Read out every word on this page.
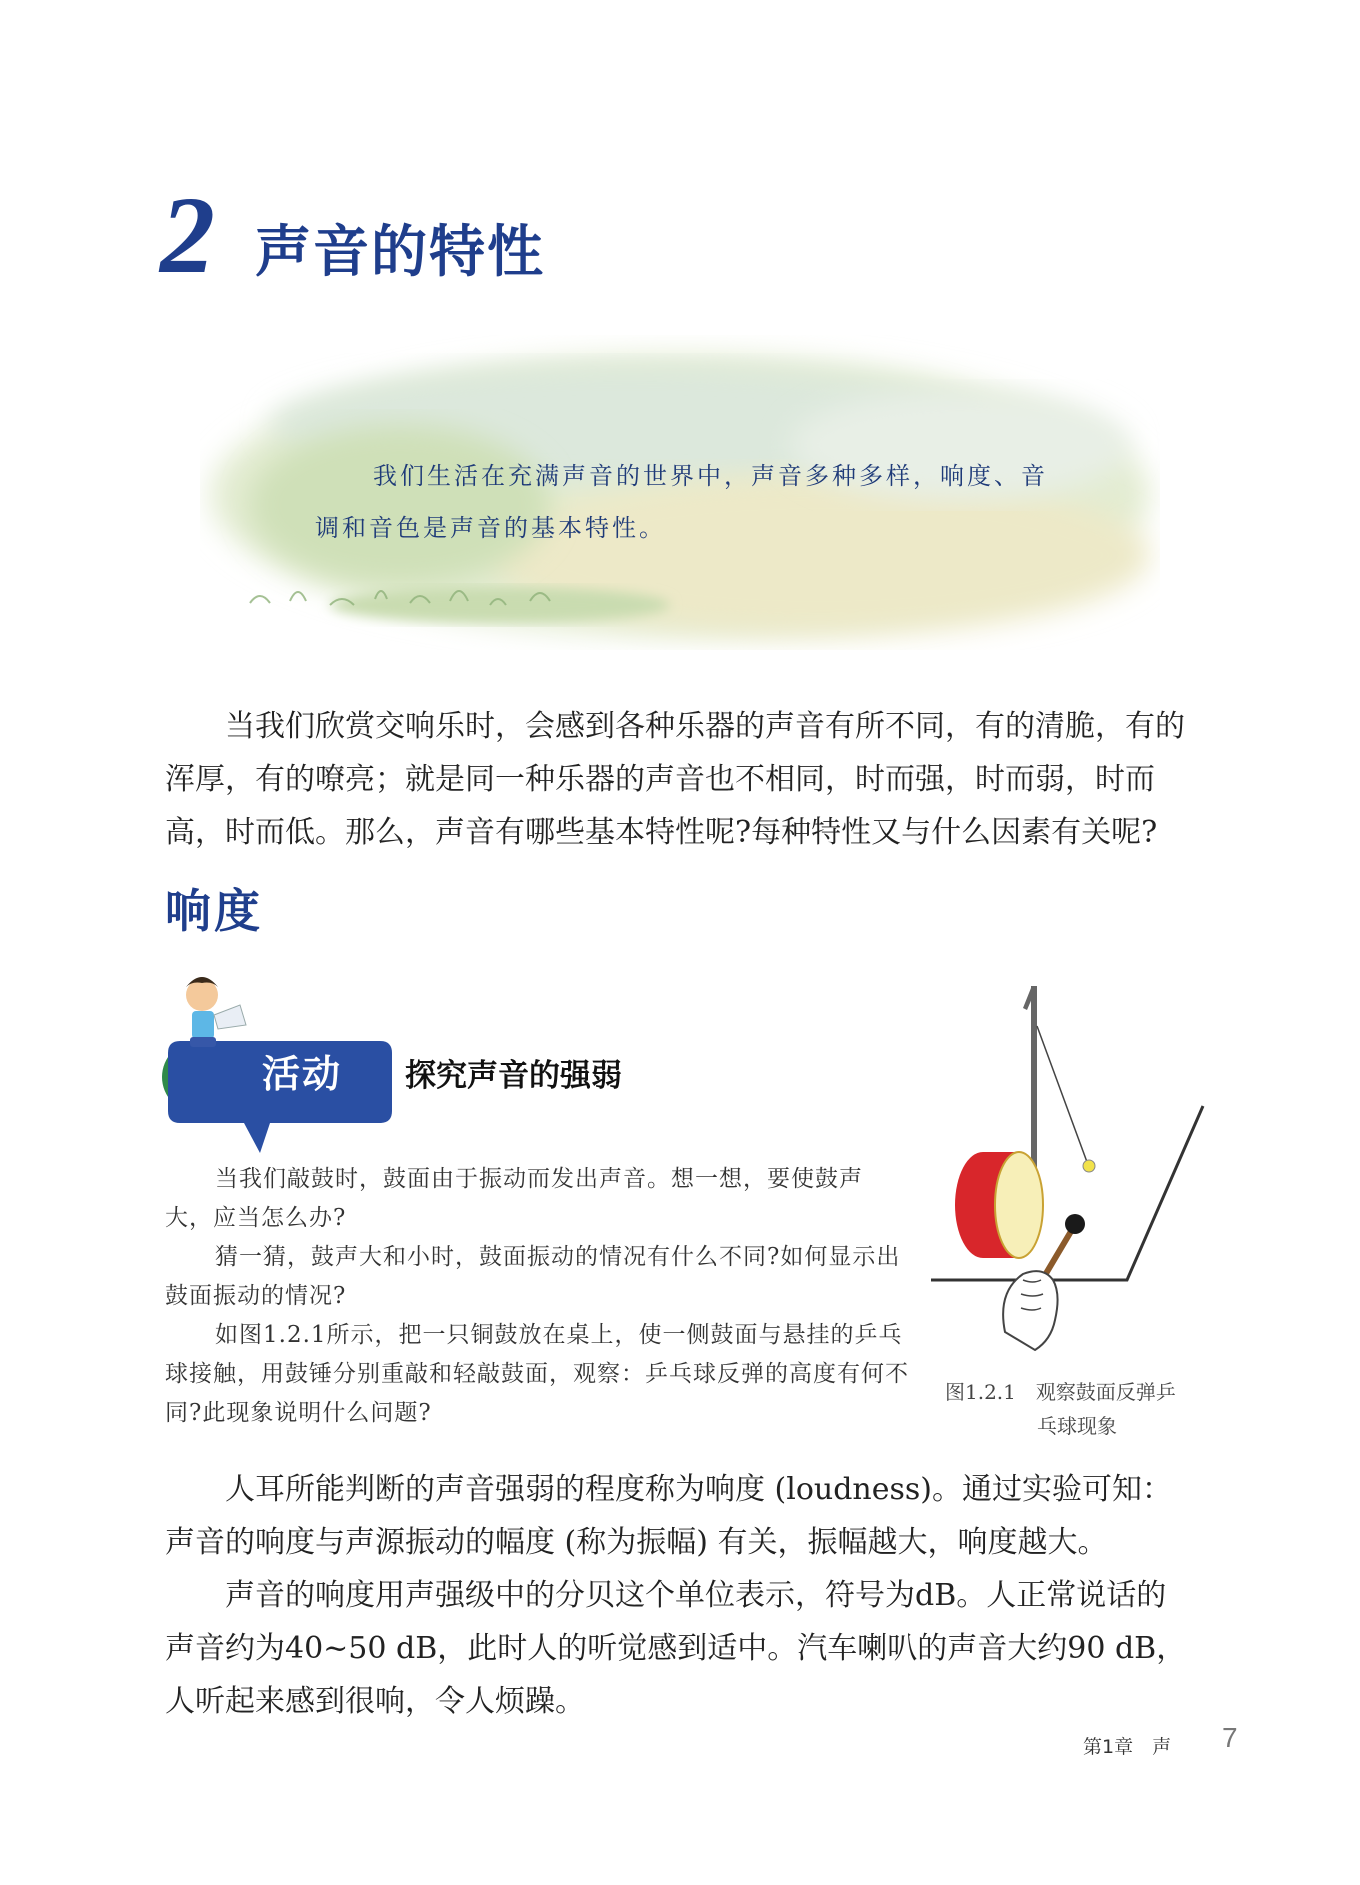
2 声音的特性
我们生活在充满声音的世界中，声音多种多样，响度、音
调和音色是声音的基本特性。
当我们欣赏交响乐时，会感到各种乐器的声音有所不同，有的清脆，有的浑厚，有的嘹亮；就是同一种乐器的声音也不相同，时而强，时而弱，时而高，时而低。那么，声音有哪些基本特性呢?每种特性又与什么因素有关呢?
响度
活动 探究声音的强弱
当我们敲鼓时，鼓面由于振动而发出声音。想一想，要使鼓声大，应当怎么办?
猜一猜，鼓声大和小时，鼓面振动的情况有什么不同?如何显示出鼓面振动的情况?
如图1.2.1所示，把一只铜鼓放在桌上，使一侧鼓面与悬挂的乒乓球接触，用鼓锤分别重敲和轻敲鼓面，观察：乒乓球反弹的高度有何不同?此现象说明什么问题?
图1.2.1　观察鼓面反弹乒
乓球现象
人耳所能判断的声音强弱的程度称为响度 (loudness)。通过实验可知：声音的响度与声源振动的幅度 (称为振幅) 有关，振幅越大，响度越大。
声音的响度用声强级中的分贝这个单位表示，符号为dB。人正常说话的声音约为40~50 dB，此时人的听觉感到适中。汽车喇叭的声音大约90 dB，人听起来感到很响，令人烦躁。
第1章　声 7
